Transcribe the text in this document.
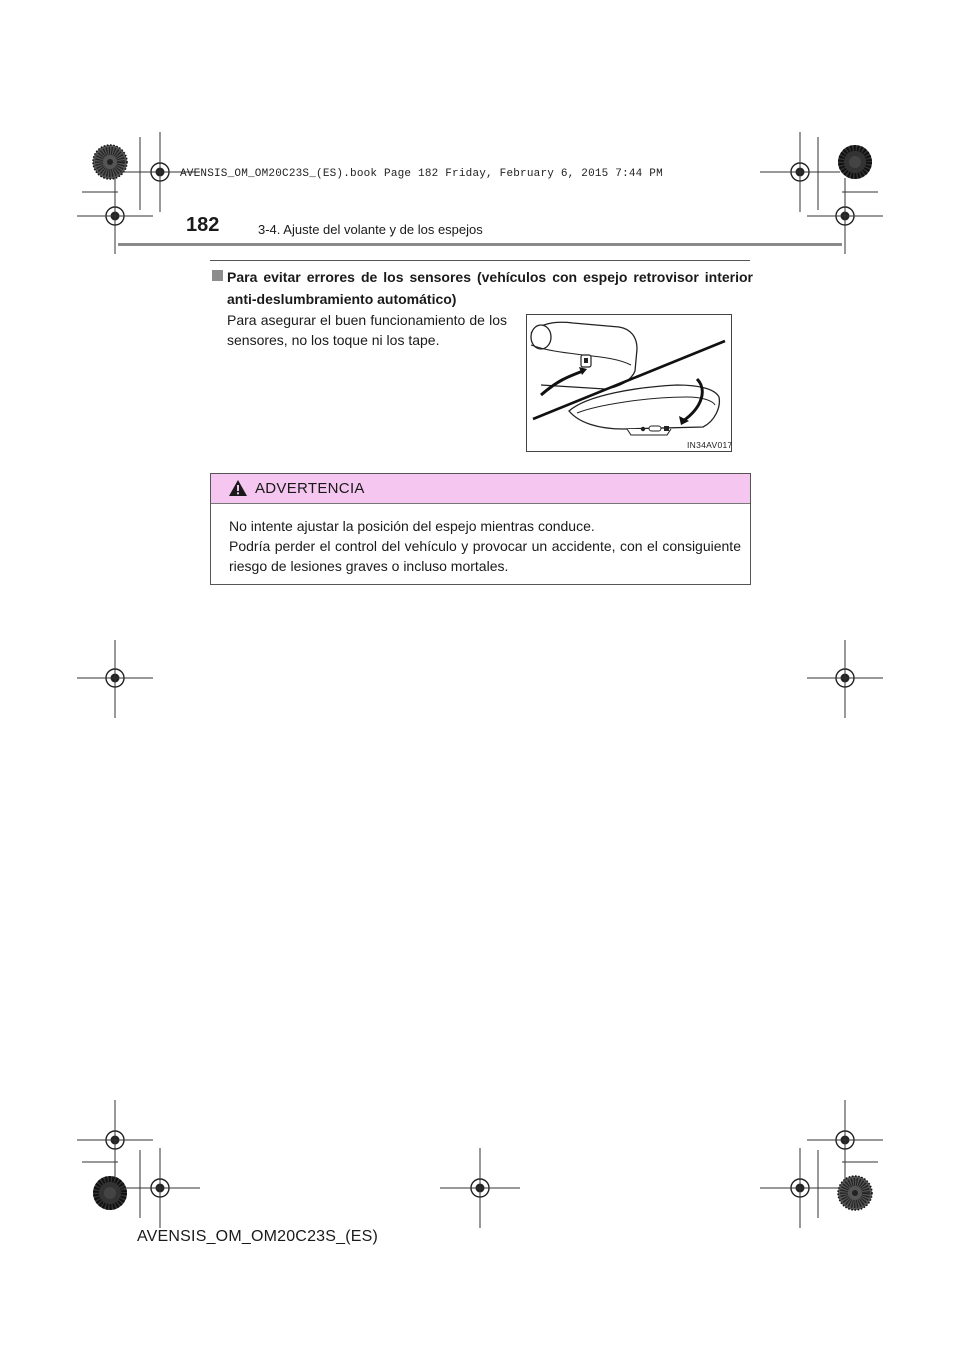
AVENSIS_OM_OM20C23S_(ES).book Page 182 Friday, February 6, 2015 7:44 PM
182	3-4. Ajuste del volante y de los espejos
Para evitar errores de los sensores (vehículos con espejo retrovisor interior anti-deslumbramiento automático)
Para asegurar el buen funcionamiento de los sensores, no los toque ni los tape.
IN34AV017
ADVERTENCIA
No intente ajustar la posición del espejo mientras conduce.
Podría perder el control del vehículo y provocar un accidente, con el consiguiente riesgo de lesiones graves o incluso mortales.
AVENSIS_OM_OM20C23S_(ES)
